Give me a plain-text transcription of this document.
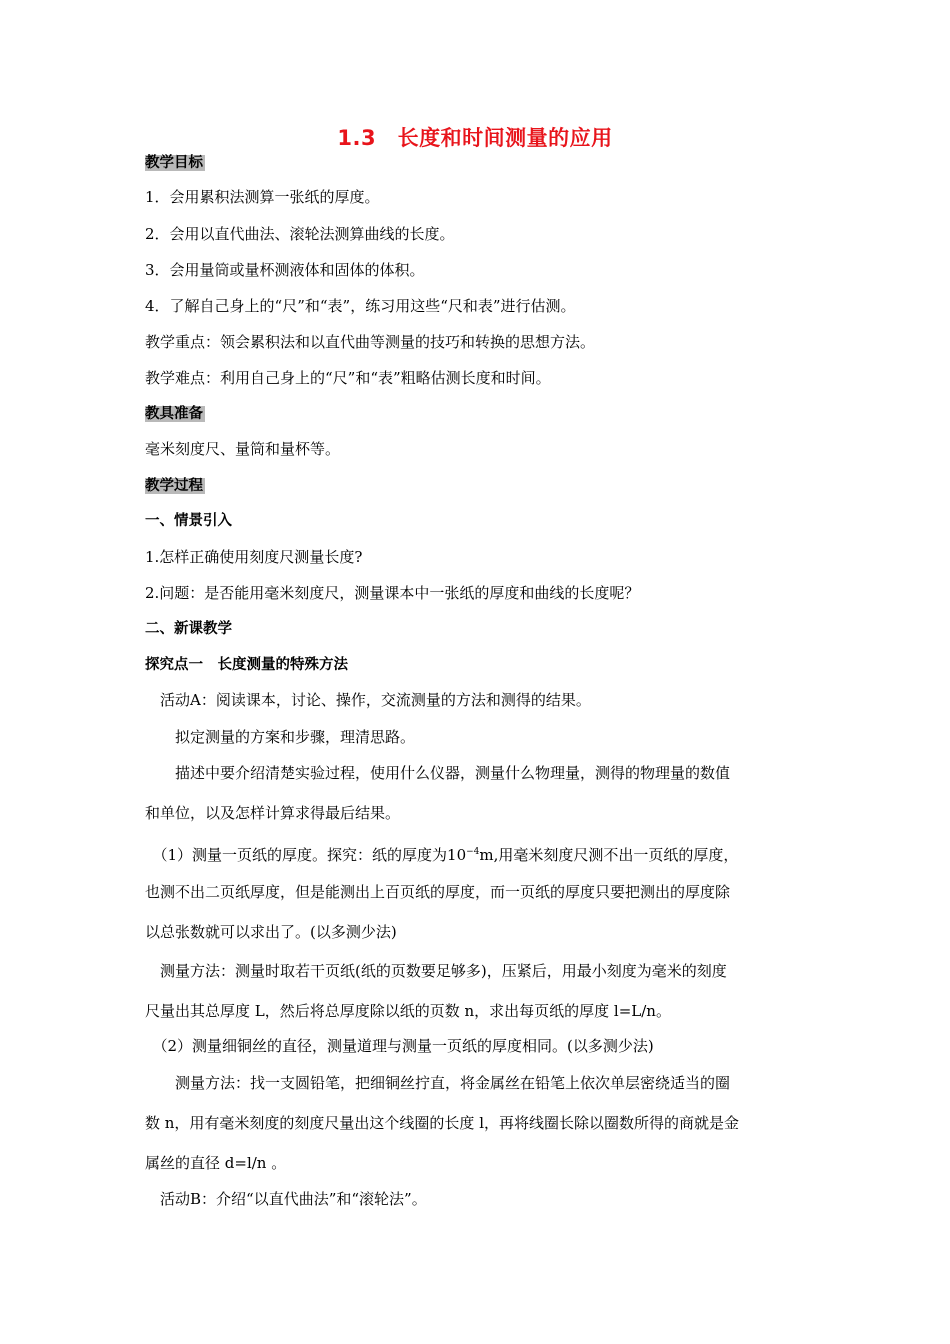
1.3　长度和时间测量的应用
教学目标
1．会用累积法测算一张纸的厚度。
2．会用以直代曲法、滚轮法测算曲线的长度。
3．会用量筒或量杯测液体和固体的体积。
4．了解自己身上的“尺”和“表”，练习用这些“尺和表”进行估测。
教学重点：领会累积法和以直代曲等测量的技巧和转换的思想方法。
教学难点：利用自己身上的“尺”和“表”粗略估测长度和时间。
教具准备
毫米刻度尺、量筒和量杯等。
教学过程
一、情景引入
1.怎样正确使用刻度尺测量长度?
2.问题：是否能用毫米刻度尺，测量课本中一张纸的厚度和曲线的长度呢？
二、新课教学
探究点一　长度测量的特殊方法
　活动A：阅读课本，讨论、操作，交流测量的方法和测得的结果。
　　拟定测量的方案和步骤，理清思路。
　　描述中要介绍清楚实验过程，使用什么仪器，测量什么物理量，测得的物理量的数值
和单位，以及怎样计算求得最后结果。
　（1）测量一页纸的厚度。探究：纸的厚度为$10^{-4}m$,用毫米刻度尺测不出一页纸的厚度，
也测不出二页纸厚度，但是能测出上百页纸的厚度，而一页纸的厚度只要把测出的厚度除
以总张数就可以求出了。(以多测少法)
　测量方法：测量时取若干页纸(纸的页数要足够多)，压紧后，用最小刻度为毫米的刻度
尺量出其总厚度 L，然后将总厚度除以纸的页数 n，求出每页纸的厚度 l=L/n。
　（2）测量细铜丝的直径，测量道理与测量一页纸的厚度相同。(以多测少法)
　　测量方法：找一支圆铅笔，把细铜丝拧直，将金属丝在铅笔上依次单层密绕适当的圈
数 n，用有毫米刻度的刻度尺量出这个线圈的长度 l，再将线圈长除以圈数所得的商就是金
属丝的直径 d=l/n 。
　活动B：介绍“以直代曲法”和“滚轮法”。
